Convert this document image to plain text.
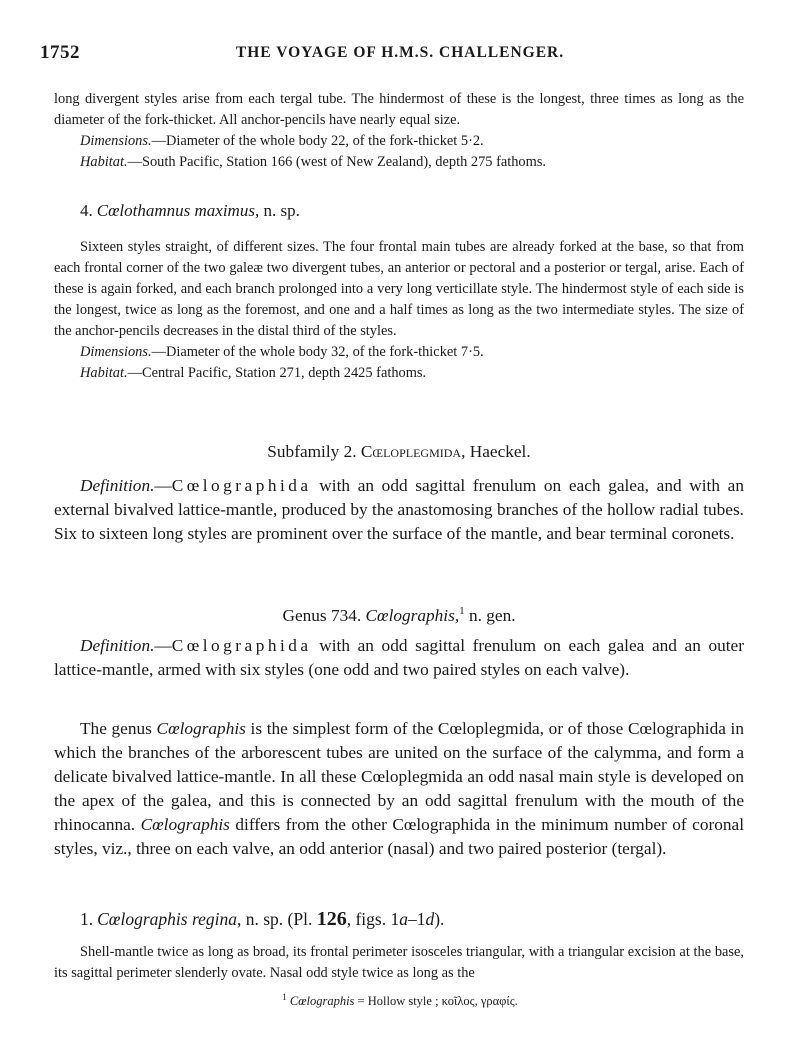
1752	THE VOYAGE OF H.M.S. CHALLENGER.

long divergent styles arise from each tergal tube. The hindermost of these is the longest, three times as long as the diameter of the fork-thicket. All anchor-pencils have nearly equal size.

Dimensions.—Diameter of the whole body 22, of the fork-thicket 5·2.

Habitat.—South Pacific, Station 166 (west of New Zealand), depth 275 fathoms.

4. Cœlothamnus maximus, n. sp.

Sixteen styles straight, of different sizes. The four frontal main tubes are already forked at the base, so that from each frontal corner of the two galeæ two divergent tubes, an anterior or pectoral and a posterior or tergal, arise. Each of these is again forked, and each branch prolonged into a very long verticillate style. The hindermost style of each side is the longest, twice as long as the foremost, and one and a half times as long as the two intermediate styles. The size of the anchor-pencils decreases in the distal third of the styles.

Dimensions.—Diameter of the whole body 32, of the fork-thicket 7·5.

Habitat.—Central Pacific, Station 271, depth 2425 fathoms.

Subfamily 2. Cœloplegmida, Haeckel.

Definition.—Cœlographida with an odd sagittal frenulum on each galea, and with an external bivalved lattice-mantle, produced by the anastomosing branches of the hollow radial tubes. Six to sixteen long styles are prominent over the surface of the mantle, and bear terminal coronets.

Genus 734. Cœlographis,$^1$ n. gen.

Definition.—Cœlographida with an odd sagittal frenulum on each galea and an outer lattice-mantle, armed with six styles (one odd and two paired styles on each valve).

The genus Cœlographis is the simplest form of the Cœloplegmida, or of those Cœlographida in which the branches of the arborescent tubes are united on the surface of the calymma, and form a delicate bivalved lattice-mantle. In all these Cœloplegmida an odd nasal main style is developed on the apex of the galea, and this is connected by an odd sagittal frenulum with the mouth of the rhinocanna. Cœlographis differs from the other Cœlographida in the minimum number of coronal styles, viz., three on each valve, an odd anterior (nasal) and two paired posterior (tergal).

1. Cœlographis regina, n. sp. (Pl. 126, figs. 1a–1d).

Shell-mantle twice as long as broad, its frontal perimeter isosceles triangular, with a triangular excision at the base, its sagittal perimeter slenderly ovate. Nasal odd style twice as long as the

$^1$ Cœlographis = Hollow style ; κοῖλος, γραφίς.
